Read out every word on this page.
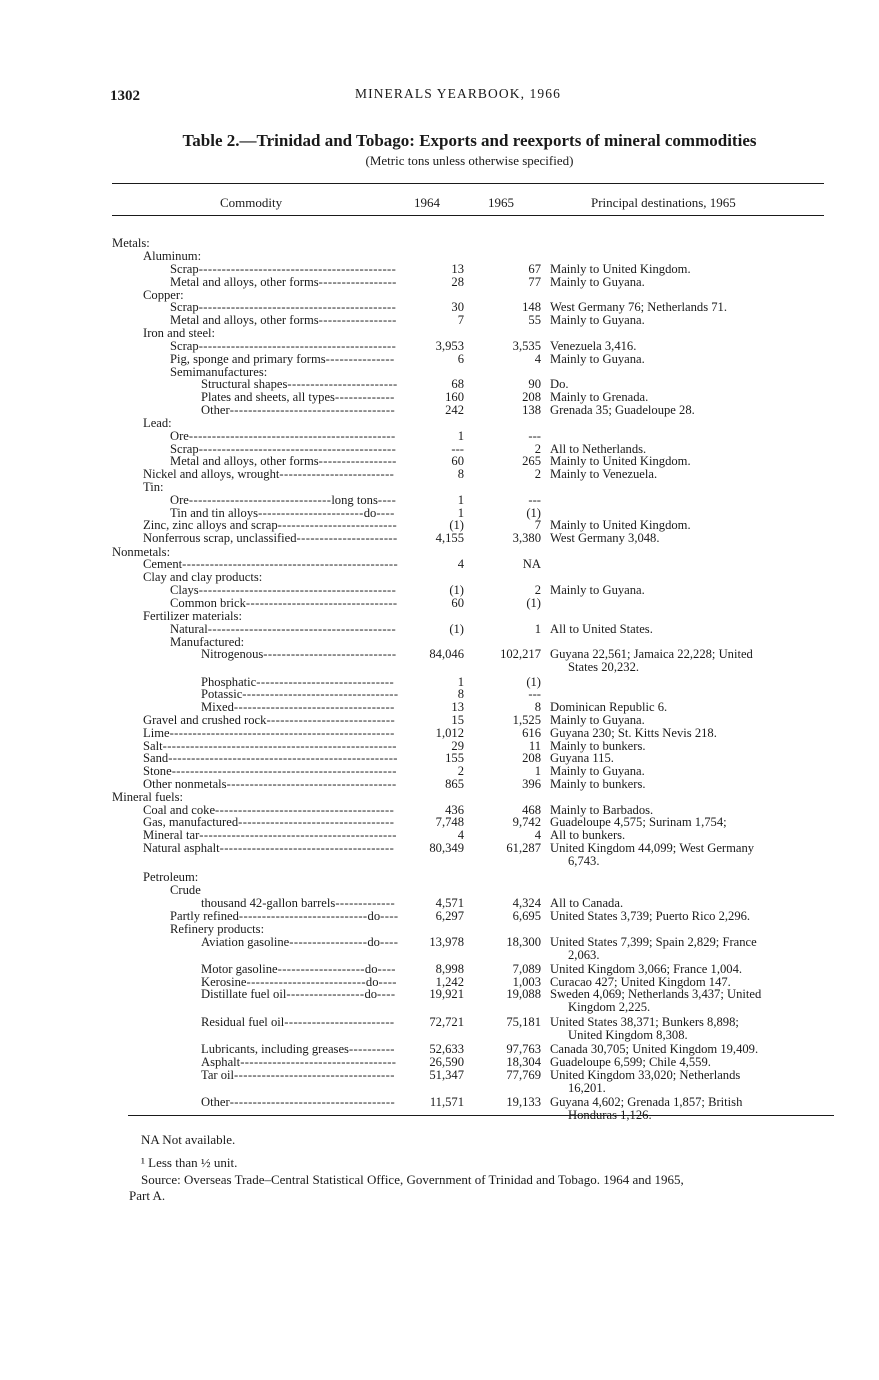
1302	MINERALS YEARBOOK, 1966
Table 2.—Trinidad and Tobago: Exports and reexports of mineral commodities
(Metric tons unless otherwise specified)
Commodity	1964	1965	Principal destinations, 1965
Metals:
Aluminum:
Scrap-------------------------------------------	13	67 Mainly to United Kingdom.
Metal and alloys, other forms-----------------	28	77 Mainly to Guyana.
Copper:
Scrap-------------------------------------------	30	148 West Germany 76; Netherlands 71.
Metal and alloys, other forms-----------------	7	55 Mainly to Guyana.
Iron and steel:
Scrap-------------------------------------------	3,953	3,535 Venezuela 3,416.
Pig, sponge and primary forms---------------	6	4 Mainly to Guyana.
Semimanufactures:
Structural shapes------------------------	68	90 Do.
Plates and sheets, all types-------------	160	208 Mainly to Grenada.
Other------------------------------------	242	138 Grenada 35; Guadeloupe 28.
Lead:
Ore---------------------------------------------	1	---
Scrap-------------------------------------------	---	2 All to Netherlands.
Metal and alloys, other forms-----------------	60	265 Mainly to United Kingdom.
Nickel and alloys, wrought-------------------------	8	2 Mainly to Venezuela.
Tin:
Ore-------------------------------long tons----	1	---
Tin and tin alloys-----------------------do----	1	(1)
Zinc, zinc alloys and scrap--------------------------	(1)	7 Mainly to United Kingdom.
Nonferrous scrap, unclassified----------------------	4,155	3,380 West Germany 3,048.
Nonmetals:
Cement-----------------------------------------------	4	NA
Clay and clay products:
Clays-------------------------------------------	(1)	2 Mainly to Guyana.
Common brick---------------------------------	60	(1)
Fertilizer materials:
Natural-----------------------------------------	(1)	1 All to United States.
Manufactured:
Nitrogenous-----------------------------	84,046	102,217 Guyana 22,561; Jamaica 22,228; United
States 20,232.
Phosphatic------------------------------	1	(1)
Potassic----------------------------------	8	---
Mixed-----------------------------------	13	8 Dominican Republic 6.
Gravel and crushed rock----------------------------	15	1,525 Mainly to Guyana.
Lime-------------------------------------------------	1,012	616 Guyana 230; St. Kitts Nevis 218.
Salt---------------------------------------------------	29	11 Mainly to bunkers.
Sand--------------------------------------------------	155	208 Guyana 115.
Stone-------------------------------------------------	2	1 Mainly to Guyana.
Other nonmetals-------------------------------------	865	396 Mainly to bunkers.
Mineral fuels:
Coal and coke---------------------------------------	436	468 Mainly to Barbados.
Gas, manufactured----------------------------------	7,748	9,742 Guadeloupe 4,575; Surinam 1,754;
Mineral tar-------------------------------------------	4	4 All to bunkers.
Natural asphalt--------------------------------------	80,349	61,287 United Kingdom 44,099; West Germany
6,743.
Petroleum:
Crude
thousand 42-gallon barrels-------------	4,571	4,324 All to Canada.
Partly refined----------------------------do----	6,297	6,695 United States 3,739; Puerto Rico 2,296.
Refinery products:
Aviation gasoline-----------------do----	13,978	18,300 United States 7,399; Spain 2,829; France
2,063.
Motor gasoline-------------------do----	8,998	7,089 United Kingdom 3,066; France 1,004.
Kerosine--------------------------do----	1,242	1,003 Curacao 427; United Kingdom 147.
Distillate fuel oil-----------------do----	19,921	19,088 Sweden 4,069; Netherlands 3,437; United
Kingdom 2,225.
Residual fuel oil------------------------	72,721	75,181 United States 38,371; Bunkers 8,898;
United Kingdom 8,308.
Lubricants, including greases----------	52,633	97,763 Canada 30,705; United Kingdom 19,409.
Asphalt----------------------------------	26,590	18,304 Guadeloupe 6,599; Chile 4,559.
Tar oil-----------------------------------	51,347	77,769 United Kingdom 33,020; Netherlands
16,201.
Other------------------------------------	11,571	19,133 Guyana 4,602; Grenada 1,857; British
Honduras 1,126.
NA Not available.
¹ Less than ½ unit.
Source: Overseas Trade–Central Statistical Office, Government of Trinidad and Tobago. 1964 and 1965,
Part A.
